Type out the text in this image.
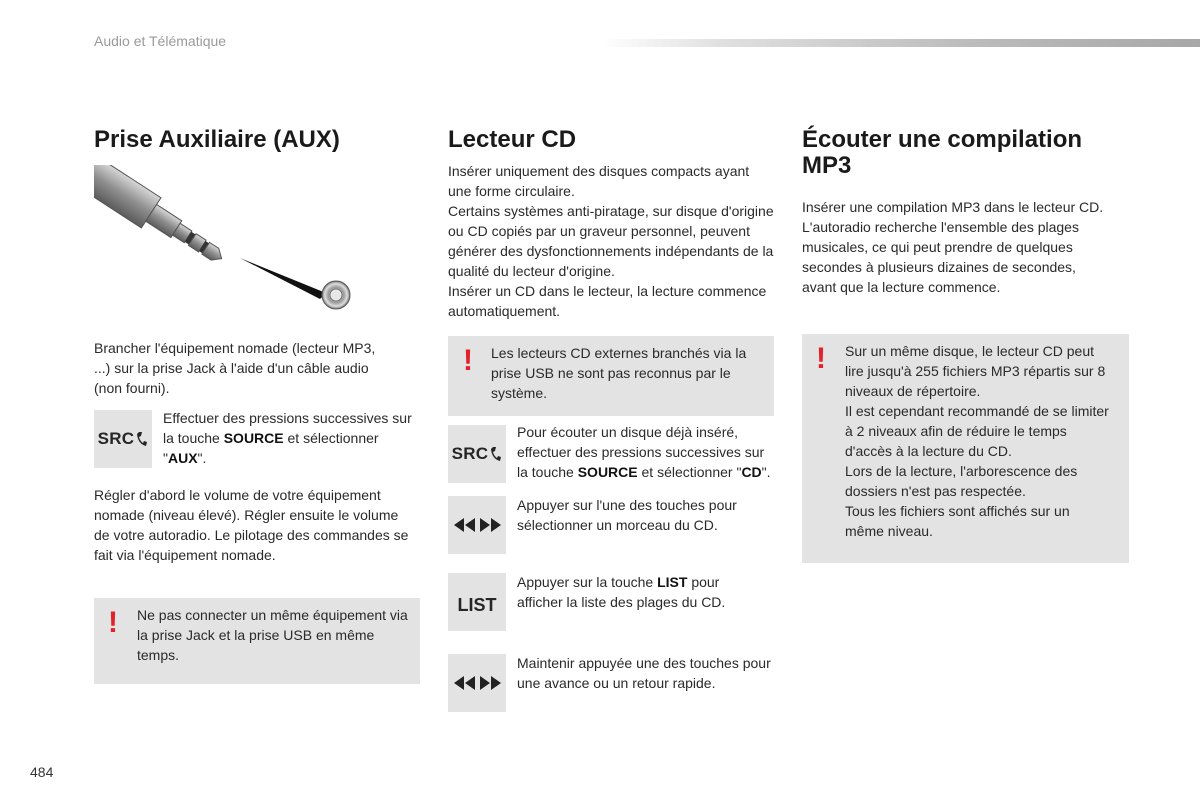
Audio et Télématique
Prise Auxiliaire (AUX)

Brancher l'équipement nomade (lecteur MP3, ...) sur la prise Jack à l'aide d'un câble audio (non fourni).

SRC
Effectuer des pressions successives sur la touche SOURCE et sélectionner "AUX".

Régler d'abord le volume de votre équipement nomade (niveau élevé). Régler ensuite le volume de votre autoradio. Le pilotage des commandes se fait via l'équipement nomade.

! Ne pas connecter un même équipement via la prise Jack et la prise USB en même temps.
Lecteur CD

Insérer uniquement des disques compacts ayant une forme circulaire.
Certains systèmes anti-piratage, sur disque d'origine ou CD copiés par un graveur personnel, peuvent générer des dysfonctionnements indépendants de la qualité du lecteur d'origine.
Insérer un CD dans le lecteur, la lecture commence automatiquement.

! Les lecteurs CD externes branchés via la prise USB ne sont pas reconnus par le système.
SRC
Pour écouter un disque déjà inséré, effectuer des pressions successives sur la touche SOURCE et sélectionner "CD".
Appuyer sur l'une des touches pour sélectionner un morceau du CD.
LIST
Appuyer sur la touche LIST pour afficher la liste des plages du CD.
Maintenir appuyée une des touches pour une avance ou un retour rapide.
Écouter une compilation MP3

Insérer une compilation MP3 dans le lecteur CD.
L'autoradio recherche l'ensemble des plages musicales, ce qui peut prendre de quelques secondes à plusieurs dizaines de secondes, avant que la lecture commence.

! Sur un même disque, le lecteur CD peut lire jusqu'à 255 fichiers MP3 répartis sur 8 niveaux de répertoire.
Il est cependant recommandé de se limiter à 2 niveaux afin de réduire le temps d'accès à la lecture du CD.
Lors de la lecture, l'arborescence des dossiers n'est pas respectée.
Tous les fichiers sont affichés sur un même niveau.
484
